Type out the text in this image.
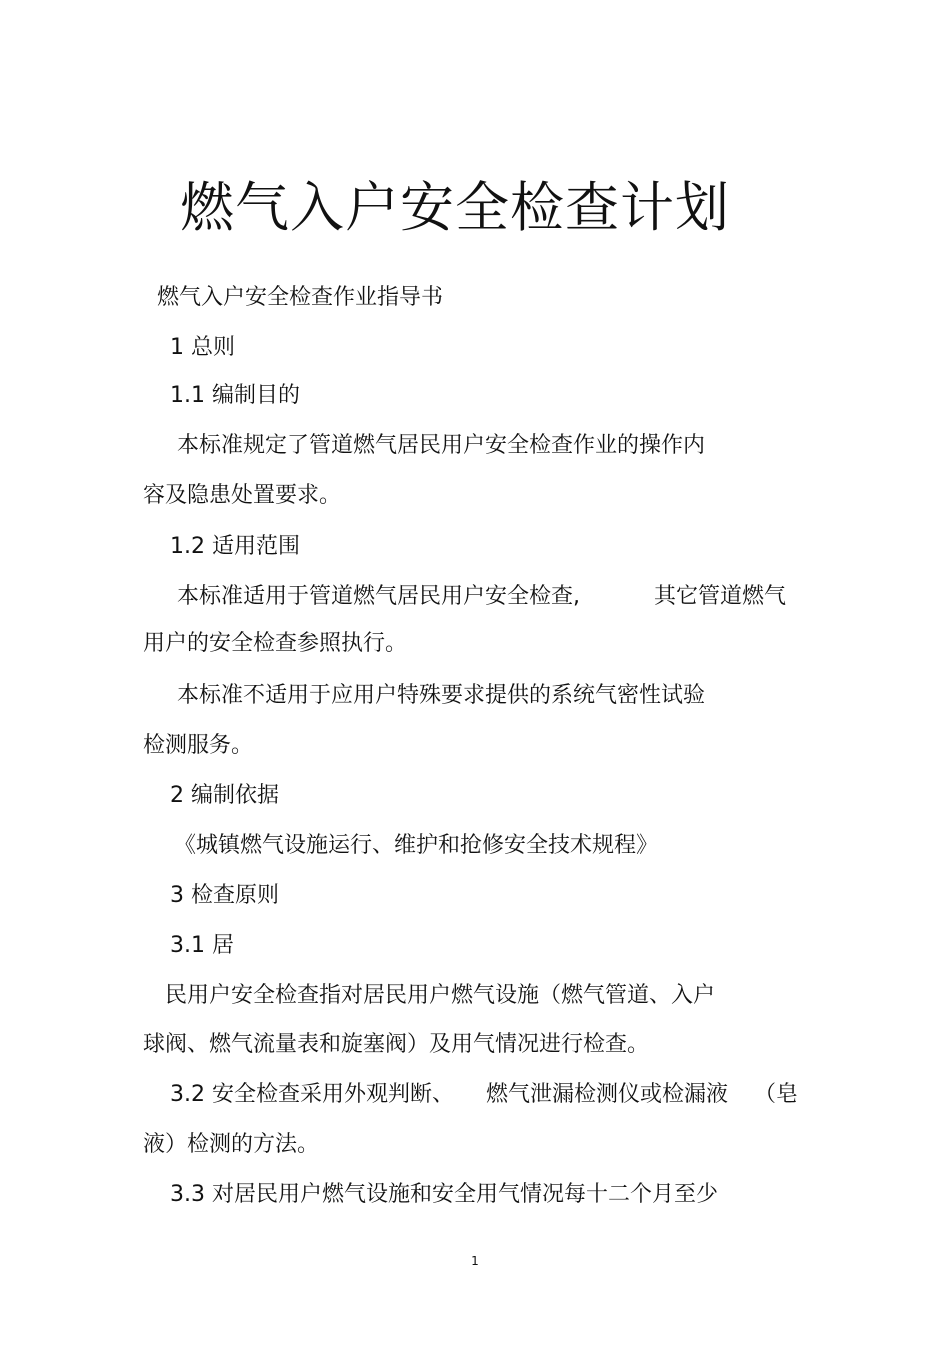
燃气入户安全检查计划
燃气入户安全检查作业指导书
1 总则
1.1 编制目的
本标准规定了管道燃气居民用户安全检查作业的操作内
容及隐患处置要求。
1.2 适用范围
本标准适用于管道燃气居民用户安全检查,	其它管道燃气
用户的安全检查参照执行。
本标准不适用于应用户特殊要求提供的系统气密性试验
检测服务。
2 编制依据
《城镇燃气设施运行、维护和抢修安全技术规程》
3 检查原则
3.1 居
民用户安全检查指对居民用户燃气设施（燃气管道、入户
球阀、燃气流量表和旋塞阀）及用气情况进行检查。
3.2 安全检查采用外观判断、 燃气泄漏检测仪或检漏液 （皂
液）检测的方法。
3.3 对居民用户燃气设施和安全用气情况每十二个月至少
1
